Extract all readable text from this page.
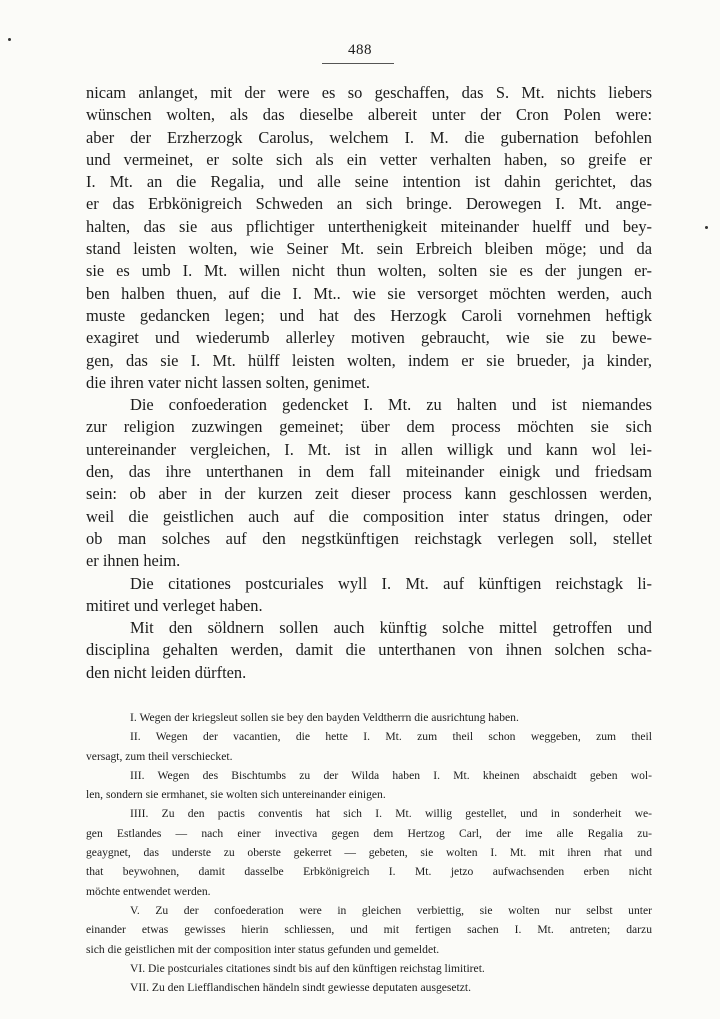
488
nicam anlanget, mit der were es so geschaffen, das S. Mt. nichts liebers
wünschen wolten, als das dieselbe albereit unter der Cron Polen were:
aber der Erzherzogk Carolus, welchem I. M. die gubernation befohlen
und vermeinet, er solte sich als ein vetter verhalten haben, so greife er
I. Mt. an die Regalia, und alle seine intention ist dahin gerichtet, das
er das Erbkönigreich Schweden an sich bringe. Derowegen I. Mt. ange-
halten, das sie aus pflichtiger unterthenigkeit miteinander huelff und bey-
stand leisten wolten, wie Seiner Mt. sein Erbreich bleiben möge; und da
sie es umb I. Mt. willen nicht thun wolten, solten sie es der jungen er-
ben halben thuen, auf die I. Mt.. wie sie versorget möchten werden, auch
muste gedancken legen; und hat des Herzogk Caroli vornehmen heftigk
exagiret und wiederumb allerley motiven gebraucht, wie sie zu bewe-
gen, das sie I. Mt. hülff leisten wolten, indem er sie brueder, ja kinder,
die ihren vater nicht lassen solten, genimet.
Die confoederation gedencket I. Mt. zu halten und ist niemandes
zur religion zuzwingen gemeinet; über dem process möchten sie sich
untereinander vergleichen, I. Mt. ist in allen willigk und kann wol lei-
den, das ihre unterthanen in dem fall miteinander einigk und friedsam
sein: ob aber in der kurzen zeit dieser process kann geschlossen werden,
weil die geistlichen auch auf die composition inter status dringen, oder
ob man solches auf den negstkünftigen reichstagk verlegen soll, stellet
er ihnen heim.
Die citationes postcuriales wyll I. Mt. auf künftigen reichstagk li-
mitiret und verleget haben.
Mit den söldnern sollen auch künftig solche mittel getroffen und
disciplina gehalten werden, damit die unterthanen von ihnen solchen scha-
den nicht leiden dürften.
I. Wegen der kriegsleut sollen sie bey den bayden Veldtherrn die ausrichtung haben.
II. Wegen der vacantien, die hette I. Mt. zum theil schon weggeben, zum theil
versagt, zum theil verschiecket.
III. Wegen des Bischtumbs zu der Wilda haben I. Mt. kheinen abschaidt geben wol-
len, sondern sie ermhanet, sie wolten sich untereinander einigen.
IIII. Zu den pactis conventis hat sich I. Mt. willig gestellet, und in sonderheit we-
gen Estlandes — nach einer invectiva gegen dem Hertzog Carl, der ime alle Regalia zu-
geaygnet, das underste zu oberste gekerret — gebeten, sie wolten I. Mt. mit ihren rhat und
that beywohnen, damit dasselbe Erbkönigreich I. Mt. jetzo aufwachsenden erben nicht
möchte entwendet werden.
V. Zu der confoederation were in gleichen verbiettig, sie wolten nur selbst unter
einander etwas gewisses hierin schliessen, und mit fertigen sachen I. Mt. antreten; darzu
sich die geistlichen mit der composition inter status gefunden und gemeldet.
VI. Die postcuriales citationes sindt bis auf den künftigen reichstag limitiret.
VII. Zu den Liefflandischen händeln sindt gewiesse deputaten ausgesetzt.
